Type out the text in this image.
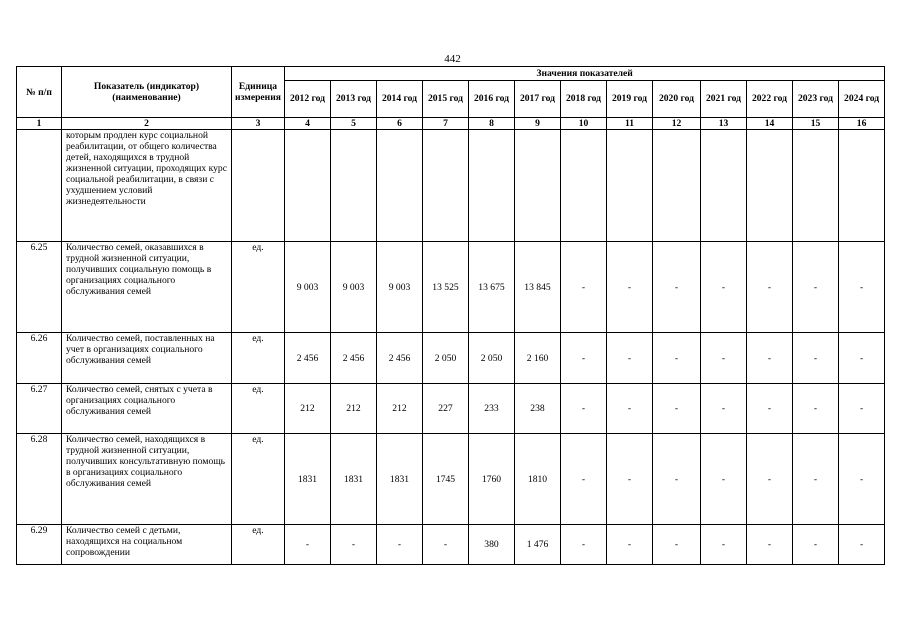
442
№ п/п	Показатель (индикатор) (наименование)	Единица измерения	Значения показателей												
			2012 год	2013 год	2014 год	2015 год	2016 год	2017 год	2018 год	2019 год	2020 год	2021 год	2022 год	2023 год	2024 год
1	2	3	4	5	6	7	8	9	10	11	12	13	14	15	16
	которым продлен курс социальной реабилитации, от общего количества детей, находящихся в трудной жизненной ситуации, проходящих курс социальной реабилитации, в связи с ухудшением условий жизнедеятельности														
6.25	Количество семей, оказавшихся в трудной жизненной ситуации, получивших социальную помощь в организациях социального обслуживания семей	ед.	9 003	9 003	9 003	13 525	13 675	13 845	-	-	-	-	-	-	-
6.26	Количество семей, поставленных на учет в организациях социального обслуживания семей	ед.	2 456	2 456	2 456	2 050	2 050	2 160	-	-	-	-	-	-	-
6.27	Количество семей, снятых с учета в организациях социального обслуживания семей	ед.	212	212	212	227	233	238	-	-	-	-	-	-	-
6.28	Количество семей, находящихся в трудной жизненной ситуации, получивших консультативную помощь в организациях социального обслуживания семей	ед.	1831	1831	1831	1745	1760	1810	-	-	-	-	-	-	-
6.29	Количество семей с детьми, находящихся на социальном сопровождении	ед.	-	-	-	-	380	1 476	-	-	-	-	-	-	-
